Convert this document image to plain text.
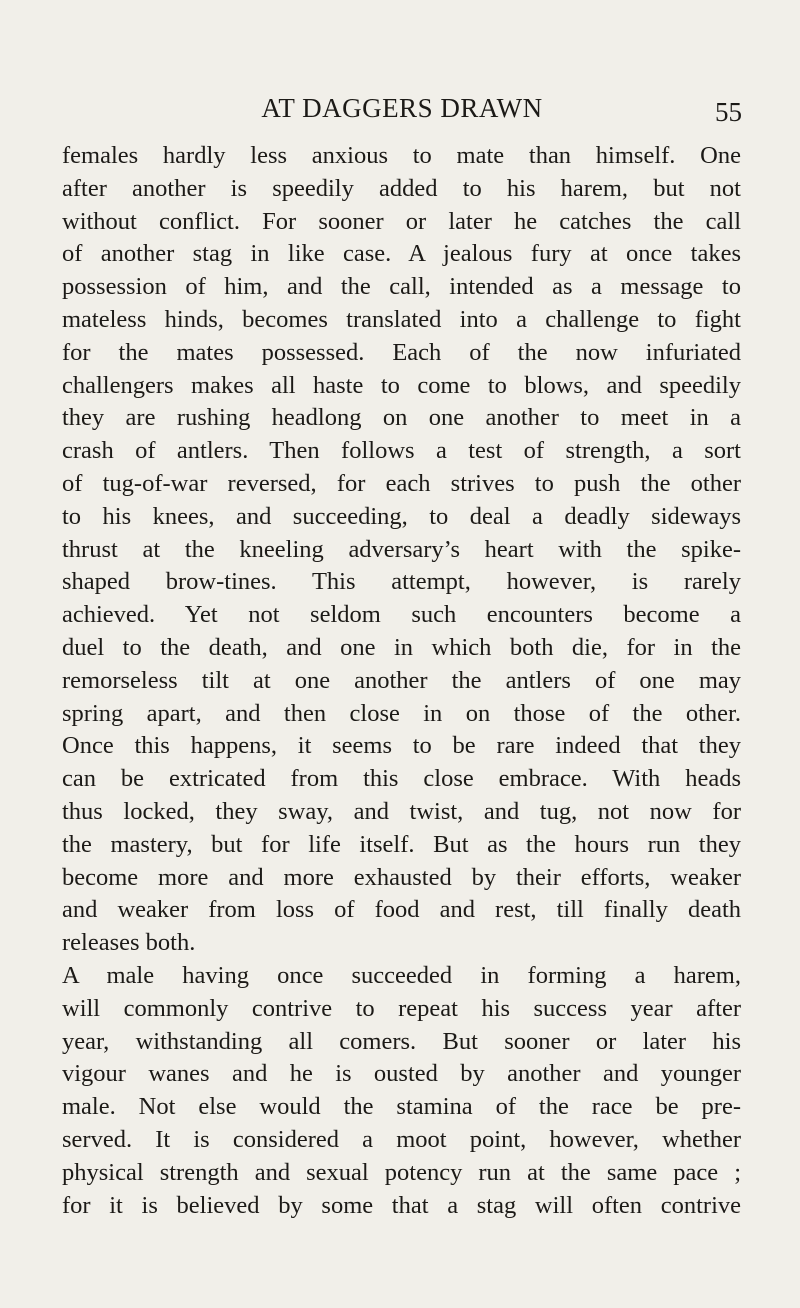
AT DAGGERS DRAWN	55
females hardly less anxious to mate than himself. One
after another is speedily added to his harem, but not
without conflict. For sooner or later he catches the call
of another stag in like case. A jealous fury at once takes
possession of him, and the call, intended as a message to
mateless hinds, becomes translated into a challenge to fight
for the mates possessed. Each of the now infuriated
challengers makes all haste to come to blows, and speedily
they are rushing headlong on one another to meet in a
crash of antlers. Then follows a test of strength, a sort
of tug-of-war reversed, for each strives to push the other
to his knees, and succeeding, to deal a deadly sideways
thrust at the kneeling adversary’s heart with the spike-
shaped brow-tines. This attempt, however, is rarely
achieved. Yet not seldom such encounters become a
duel to the death, and one in which both die, for in the
remorseless tilt at one another the antlers of one may
spring apart, and then close in on those of the other.
Once this happens, it seems to be rare indeed that they
can be extricated from this close embrace. With heads
thus locked, they sway, and twist, and tug, not now for
the mastery, but for life itself. But as the hours run they
become more and more exhausted by their efforts, weaker
and weaker from loss of food and rest, till finally death
releases both.
A male having once succeeded in forming a harem,
will commonly contrive to repeat his success year after
year, withstanding all comers. But sooner or later his
vigour wanes and he is ousted by another and younger
male. Not else would the stamina of the race be pre-
served. It is considered a moot point, however, whether
physical strength and sexual potency run at the same pace ;
for it is believed by some that a stag will often contrive
